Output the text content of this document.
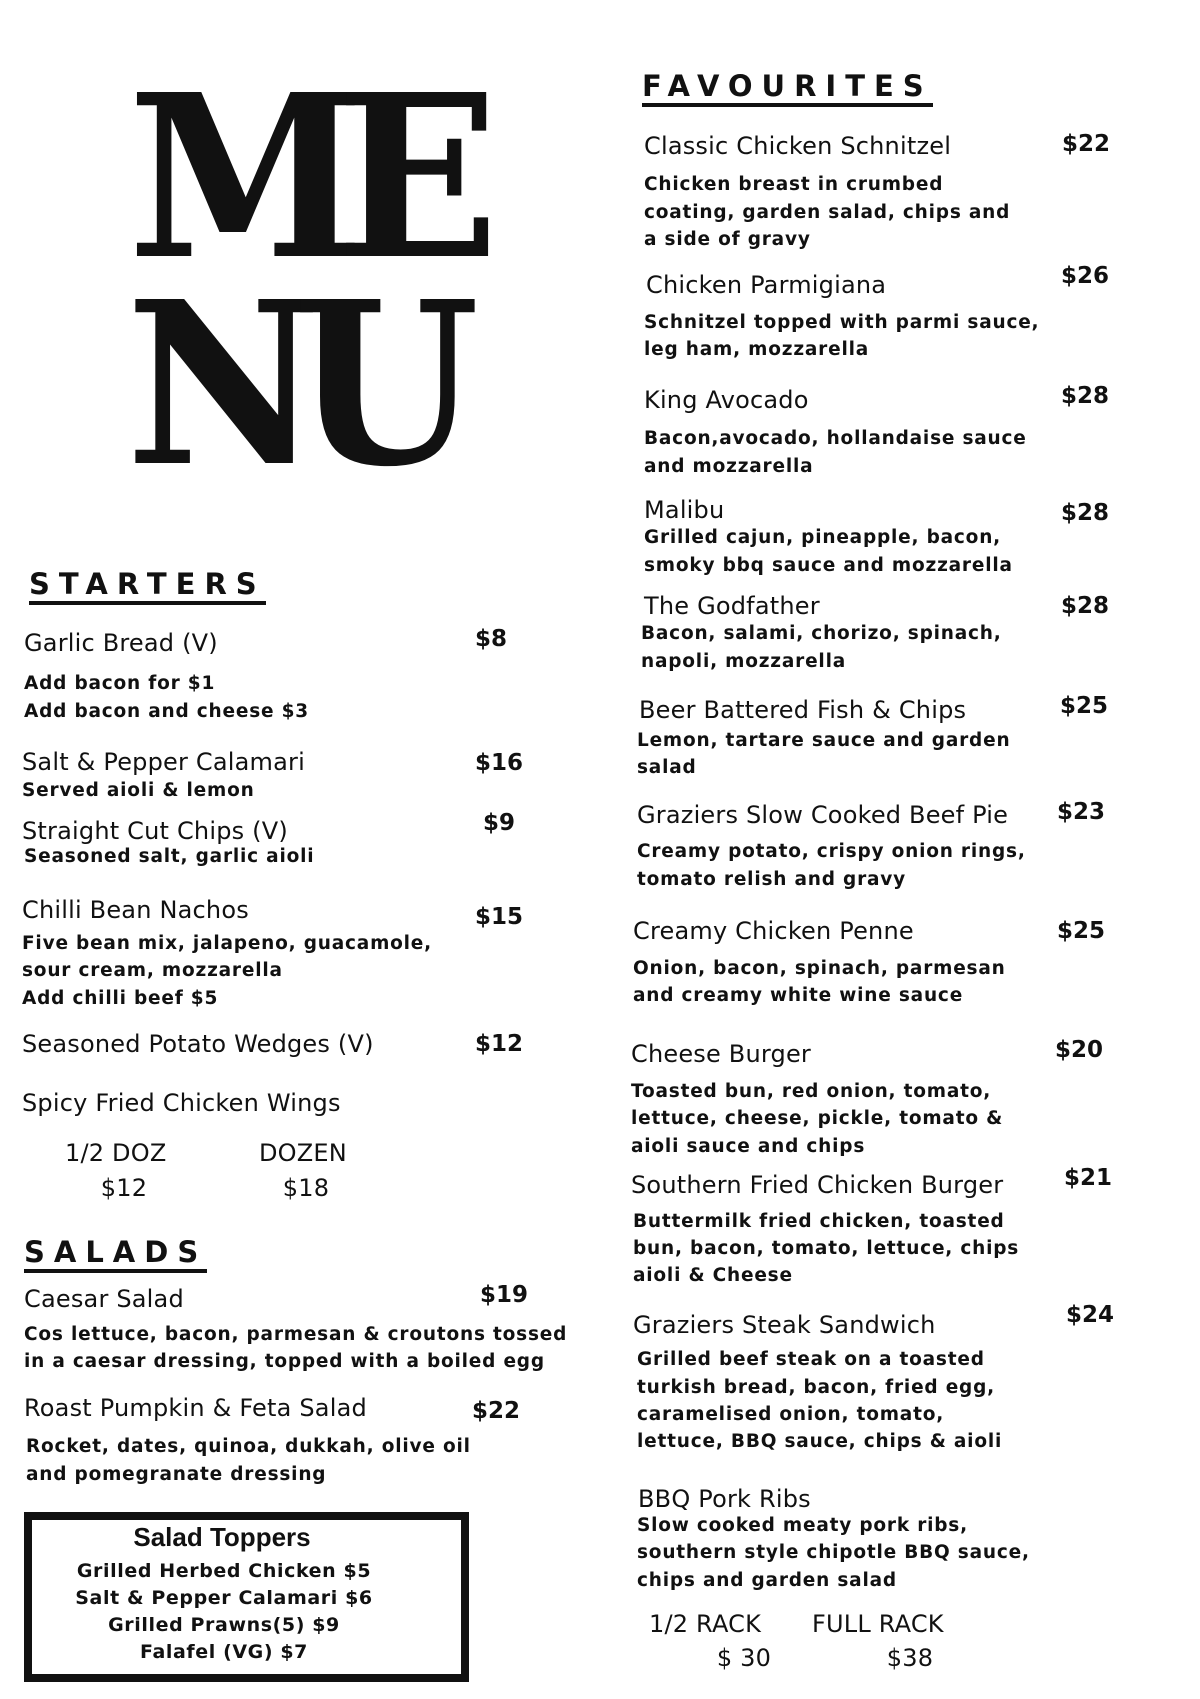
ME
NU
STARTERS
SALADS
FAVOURITES
Garlic Bread (V)	$8
Add bacon for $1
Add bacon and cheese $3
Salt & Pepper Calamari	$16
Served aioli & lemon
Straight Cut Chips (V)	$9
Seasoned salt, garlic aioli
Chilli Bean Nachos	$15
Five bean mix, jalapeno, guacamole,
sour cream, mozzarella
Add chilli beef $5
Seasoned Potato Wedges (V)	$12
Spicy Fried Chicken Wings
Caesar Salad	$19
Cos lettuce, bacon, parmesan & croutons tossed
in a caesar dressing, topped with a boiled egg
Roast Pumpkin & Feta Salad	$22
Rocket, dates, quinoa, dukkah, olive oil
and pomegranate dressing
Classic Chicken Schnitzel	$22
Chicken breast in crumbed
coating, garden salad, chips and
a side of gravy
Chicken Parmigiana	$26
Schnitzel topped with parmi sauce,
leg ham, mozzarella
King Avocado	$28
Bacon,avocado, hollandaise sauce
and mozzarella
Malibu	$28
Grilled cajun, pineapple, bacon,
smoky bbq sauce and mozzarella
The Godfather	$28
Bacon, salami, chorizo, spinach,
napoli, mozzarella
Beer Battered Fish & Chips	$25
Lemon, tartare sauce and garden
salad
Graziers Slow Cooked Beef Pie $23
Creamy potato, crispy onion rings,
tomato relish and gravy
Creamy Chicken Penne	$25
Onion, bacon, spinach, parmesan
and creamy white wine sauce
Cheese Burger	$20
Toasted bun, red onion, tomato,
lettuce, cheese, pickle, tomato &
aioli sauce and chips
Southern Fried Chicken Burger	$21
Buttermilk fried chicken, toasted
bun, bacon, tomato, lettuce, chips
aioli & Cheese
Graziers Steak Sandwich	$24
Grilled beef steak on a toasted
turkish bread, bacon, fried egg,
caramelised onion, tomato,
lettuce, BBQ sauce, chips & aioli
BBQ Pork Ribs
Slow cooked meaty pork ribs,
southern style chipotle BBQ sauce,
chips and garden salad
1/2 DOZ	DOZEN
$12	$18
Salad Toppers
Grilled Herbed Chicken $5
Salt & Pepper Calamari $6
Grilled Prawns(5) $9
Falafel (VG) $7
1/2 RACK FULL RACK
$ 30	$38
